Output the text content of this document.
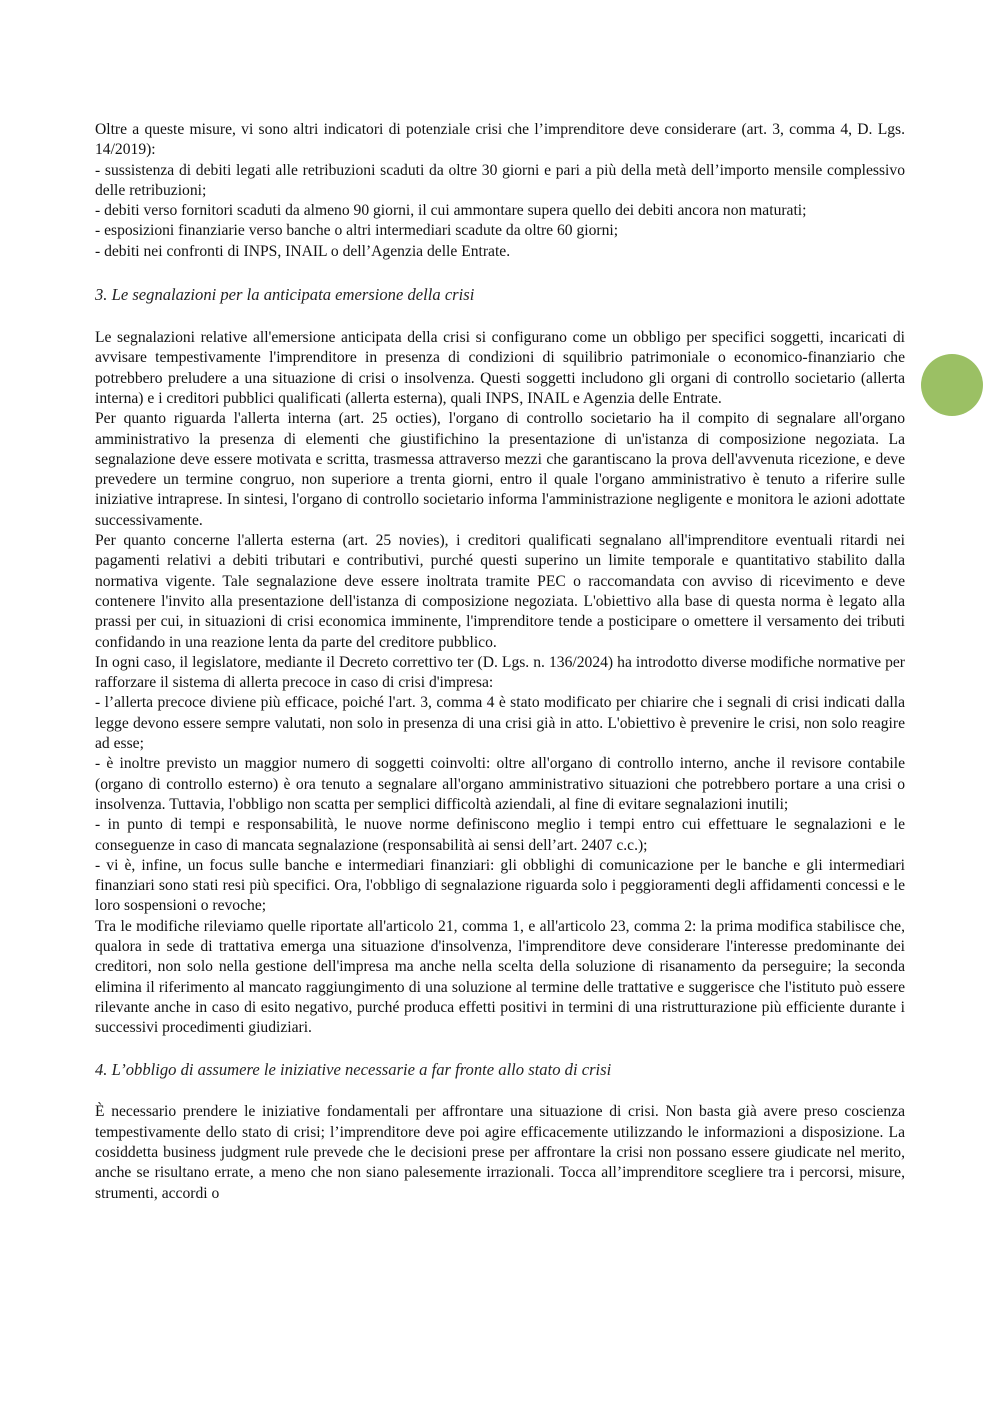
Oltre a queste misure, vi sono altri indicatori di potenziale crisi che l’imprenditore deve considerare (art. 3, comma 4, D. Lgs. 14/2019):

- sussistenza di debiti legati alle retribuzioni scaduti da oltre 30 giorni e pari a più della metà dell’importo mensile complessivo delle retribuzioni;

- debiti verso fornitori scaduti da almeno 90 giorni, il cui ammontare supera quello dei debiti ancora non maturati;

- esposizioni finanziarie verso banche o altri intermediari scadute da oltre 60 giorni;

- debiti nei confronti di INPS, INAIL o dell’Agenzia delle Entrate.

3. Le segnalazioni per la anticipata emersione della crisi

Le segnalazioni relative all'emersione anticipata della crisi si configurano come un obbligo per specifici soggetti, incaricati di avvisare tempestivamente l'imprenditore in presenza di condizioni di squilibrio patrimoniale o economico-finanziario che potrebbero preludere a una situazione di crisi o insolvenza. Questi soggetti includono gli organi di controllo societario (allerta interna) e i creditori pubblici qualificati (allerta esterna), quali INPS, INAIL e Agenzia delle Entrate.

Per quanto riguarda l'allerta interna (art. 25 octies), l'organo di controllo societario ha il compito di segnalare all'organo amministrativo la presenza di elementi che giustifichino la presentazione di un'istanza di composizione negoziata. La segnalazione deve essere motivata e scritta, trasmessa attraverso mezzi che garantiscano la prova dell'avvenuta ricezione, e deve prevedere un termine congruo, non superiore a trenta giorni, entro il quale l'organo amministrativo è tenuto a riferire sulle iniziative intraprese. In sintesi, l'organo di controllo societario informa l'amministrazione negligente e monitora le azioni adottate successivamente.

Per quanto concerne l'allerta esterna (art. 25 novies), i creditori qualificati segnalano all'imprenditore eventuali ritardi nei pagamenti relativi a debiti tributari e contributivi, purché questi superino un limite temporale e quantitativo stabilito dalla normativa vigente. Tale segnalazione deve essere inoltrata tramite PEC o raccomandata con avviso di ricevimento e deve contenere l'invito alla presentazione dell'istanza di composizione negoziata. L'obiettivo alla base di questa norma è legato alla prassi per cui, in situazioni di crisi economica imminente, l'imprenditore tende a posticipare o omettere il versamento dei tributi confidando in una reazione lenta da parte del creditore pubblico.

In ogni caso, il legislatore, mediante il Decreto correttivo ter (D. Lgs. n. 136/2024) ha introdotto diverse modifiche normative per rafforzare il sistema di allerta precoce in caso di crisi d'impresa:

- l’allerta precoce diviene più efficace, poiché l'art. 3, comma 4 è stato modificato per chiarire che i segnali di crisi indicati dalla legge devono essere sempre valutati, non solo in presenza di una crisi già in atto. L'obiettivo è prevenire le crisi, non solo reagire ad esse;

- è inoltre previsto un maggior numero di soggetti coinvolti: oltre all'organo di controllo interno, anche il revisore contabile (organo di controllo esterno) è ora tenuto a segnalare all'organo amministrativo situazioni che potrebbero portare a una crisi o insolvenza. Tuttavia, l'obbligo non scatta per semplici difficoltà aziendali, al fine di evitare segnalazioni inutili;

- in punto di tempi e responsabilità, le nuove norme definiscono meglio i tempi entro cui effettuare le segnalazioni e le conseguenze in caso di mancata segnalazione (responsabilità ai sensi dell’art. 2407 c.c.);

- vi è, infine, un focus sulle banche e intermediari finanziari: gli obblighi di comunicazione per le banche e gli intermediari finanziari sono stati resi più specifici. Ora, l'obbligo di segnalazione riguarda solo i peggioramenti degli affidamenti concessi e le loro sospensioni o revoche;

Tra le modifiche rileviamo quelle riportate all'articolo 21, comma 1, e all'articolo 23, comma 2: la prima modifica stabilisce che, qualora in sede di trattativa emerga una situazione d'insolvenza, l'imprenditore deve considerare l'interesse predominante dei creditori, non solo nella gestione dell'impresa ma anche nella scelta della soluzione di risanamento da perseguire; la seconda elimina il riferimento al mancato raggiungimento di una soluzione al termine delle trattative e suggerisce che l'istituto può essere rilevante anche in caso di esito negativo, purché produca effetti positivi in termini di una ristrutturazione più efficiente durante i successivi procedimenti giudiziari.

4. L’obbligo di assumere le iniziative necessarie a far fronte allo stato di crisi

È necessario prendere le iniziative fondamentali per affrontare una situazione di crisi. Non basta già avere preso coscienza tempestivamente dello stato di crisi; l’imprenditore deve poi agire efficacemente utilizzando le informazioni a disposizione. La cosiddetta business judgment rule prevede che le decisioni prese per affrontare la crisi non possano essere giudicate nel merito, anche se risultano errate, a meno che non siano palesemente irrazionali. Tocca all’imprenditore scegliere tra i percorsi, misure, strumenti, accordi o
